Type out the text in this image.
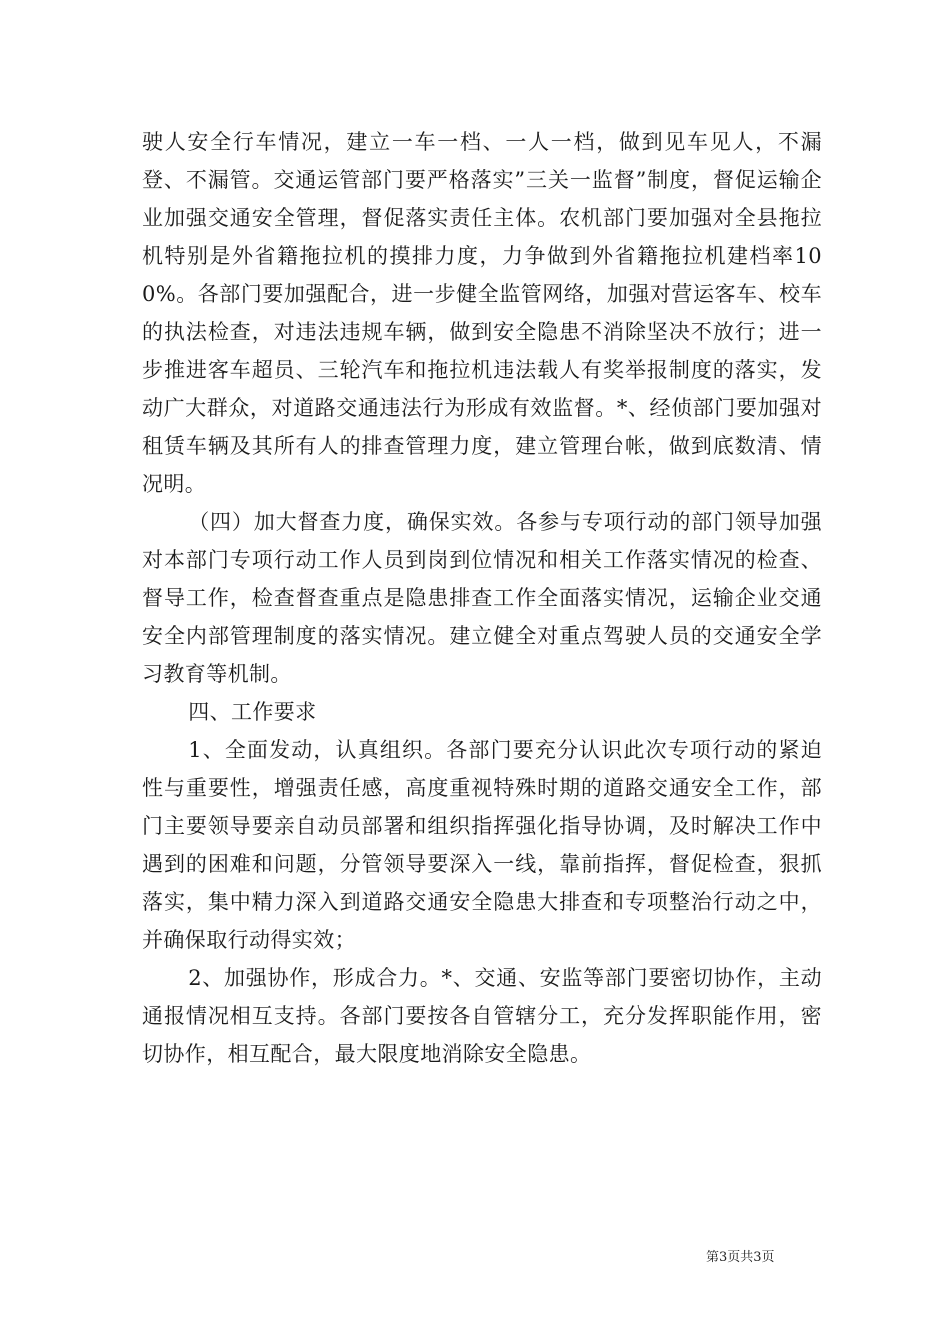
驶人安全行车情况，建立一车一档、一人一档，做到见车见人，不漏登、不漏管。交通运管部门要严格落实”三关一监督”制度，督促运输企业加强交通安全管理，督促落实责任主体。农机部门要加强对全县拖拉机特别是外省籍拖拉机的摸排力度，力争做到外省籍拖拉机建档率100%。各部门要加强配合，进一步健全监管网络，加强对营运客车、校车的执法检查，对违法违规车辆，做到安全隐患不消除坚决不放行；进一步推进客车超员、三轮汽车和拖拉机违法载人有奖举报制度的落实，发动广大群众，对道路交通违法行为形成有效监督。*、经侦部门要加强对租赁车辆及其所有人的排查管理力度，建立管理台帐，做到底数清、情况明。

（四）加大督查力度，确保实效。各参与专项行动的部门领导加强对本部门专项行动工作人员到岗到位情况和相关工作落实情况的检查、督导工作，检查督查重点是隐患排查工作全面落实情况，运输企业交通安全内部管理制度的落实情况。建立健全对重点驾驶人员的交通安全学习教育等机制。

四、工作要求

1、全面发动，认真组织。各部门要充分认识此次专项行动的紧迫性与重要性，增强责任感，高度重视特殊时期的道路交通安全工作，部门主要领导要亲自动员部署和组织指挥强化指导协调，及时解决工作中遇到的困难和问题，分管领导要深入一线，靠前指挥，督促检查，狠抓落实，集中精力深入到道路交通安全隐患大排查和专项整治行动之中，并确保取行动得实效；

2、加强协作，形成合力。*、交通、安监等部门要密切协作，主动通报情况相互支持。各部门要按各自管辖分工，充分发挥职能作用，密切协作，相互配合，最大限度地消除安全隐患。

第3页共3页
